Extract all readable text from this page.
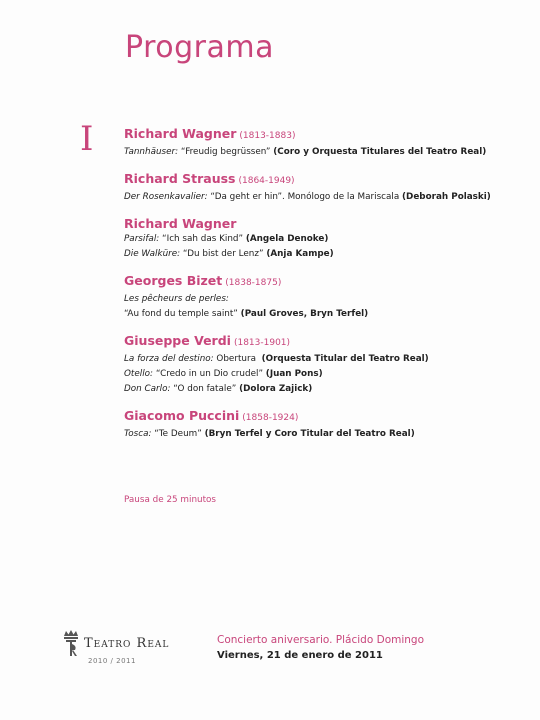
Programa
I Richard Wagner (1813-1883)
Tannhäuser: “Freudig begrüssen” (Coro y Orquesta Titulares del Teatro Real)
Richard Strauss (1864-1949)
Der Rosenkavalier: “Da geht er hin”. Monólogo de la Mariscala (Deborah Polaski)
Richard Wagner
Parsifal: “Ich sah das Kind” (Angela Denoke)
Die Walküre: “Du bist der Lenz” (Anja Kampe)
Georges Bizet (1838-1875)
Les pêcheurs de perles:
“Au fond du temple saint” (Paul Groves, Bryn Terfel)
Giuseppe Verdi (1813-1901)
La forza del destino: Obertura  (Orquesta Titular del Teatro Real)
Otello: “Credo in un Dio crudel” (Juan Pons)
Don Carlo: “O don fatale” (Dolora Zajick)
Giacomo Puccini (1858-1924)
Tosca: “Te Deum” (Bryn Terfel y Coro Titular del Teatro Real)
Pausa de 25 minutos
Teatro Real
2010 / 2011
Concierto aniversario. Plácido Domingo
Viernes, 21 de enero de 2011
